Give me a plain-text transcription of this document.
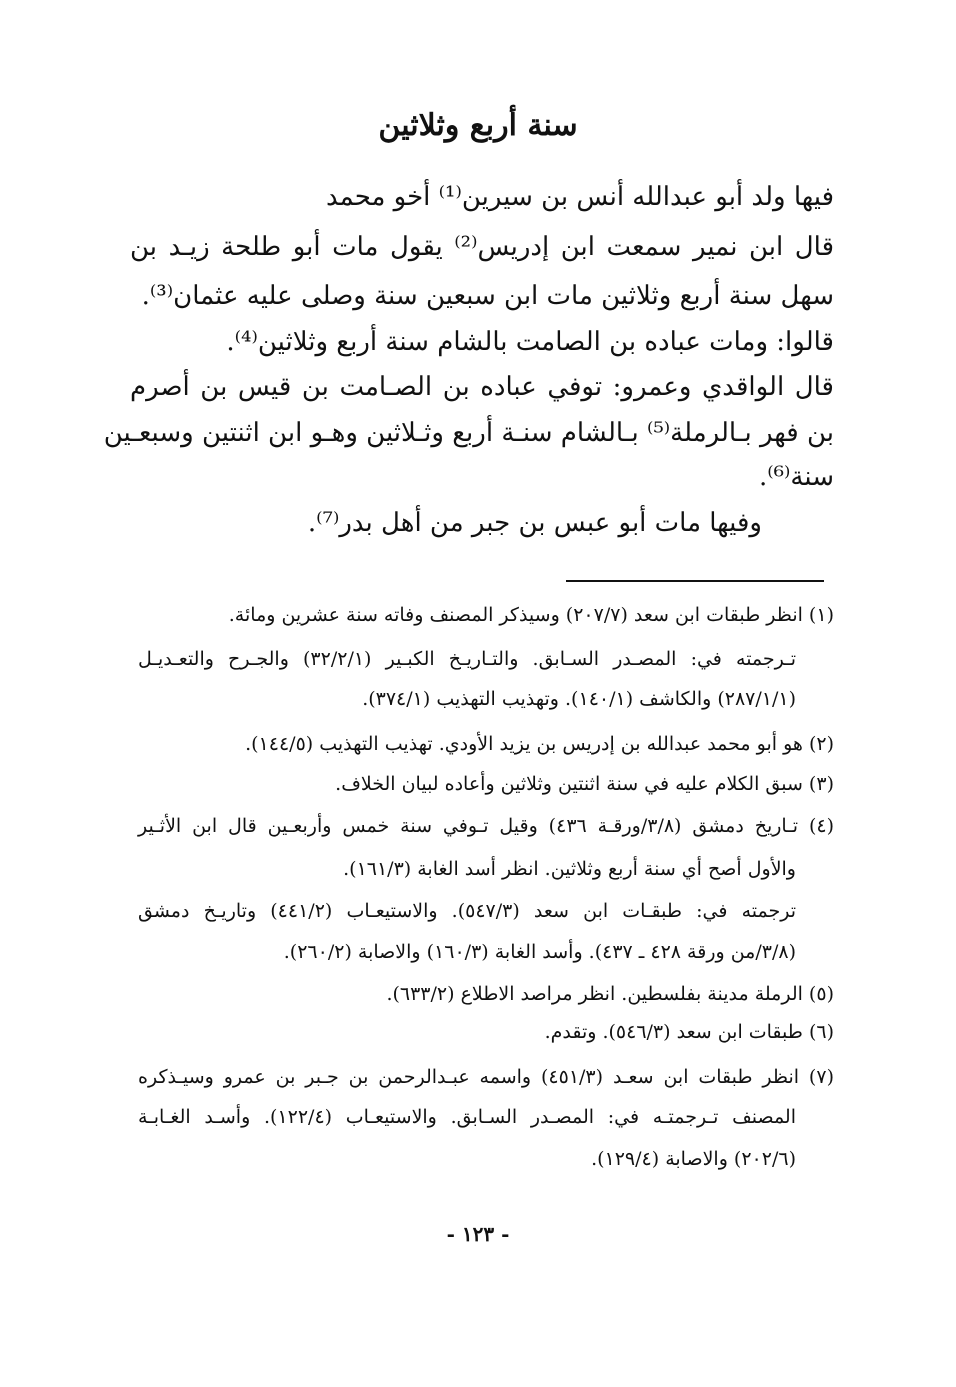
سنة أربع وثلاثين
فيها ولد أبو عبدالله أنس بن سيرين⁽¹⁾ أخو محمد
قال ابن نمير سمعت ابن إدريس⁽²⁾ يقول مات أبو طلحة زيـد بن
سهل سنة أربع وثلاثين مات ابن سبعين سنة وصلى عليه عثمان⁽³⁾.
قالوا: ومات عباده بن الصامت بالشام سنة أربع وثلاثين⁽⁴⁾.
قال الواقدي وعمرو: توفي عباده بن الصـامت بن قيس بن أصرم
بن فهر بـالرملة⁽⁵⁾ بـالشام سنـة أربع وثـلاثين وهـو ابن اثنتين وسبعـين
سنة⁽⁶⁾.
وفيها مات أبو عبس بن جبر من أهل بدر⁽⁷⁾.
(١) انظر طبقات ابن سعد (٢٠٧/٧) وسيذكر المصنف وفاته سنة عشرين ومائة.
تـرجمته في: المصـدر السـابق. والتـاريـخ الكبـير (٣٢/٢/١) والجـرح والتعـديـل
(٢٨٧/١/١) والكاشف (١٤٠/١). وتهذيب التهذيب (٣٧٤/١).
(٢) هو أبو محمد عبدالله بن إدريس بن يزيد الأودي. تهذيب التهذيب (١٤٤/٥).
(٣) سبق الكلام عليه في سنة اثنتين وثلاثين وأعاده لبيان الخلاف.
(٤) تـاريخ دمشق (٣/٨/ورقـة ٤٣٦) وقيل تـوفي سنة خمس وأربعـين قال ابن الأثـير
والأول أصح أي سنة أربع وثلاثين. انظر أسد الغابة (١٦١/٣).
ترجمته في: طبقـات ابن سعد (٥٤٧/٣). والاستيعـاب (٤٤١/٢) وتاريـخ دمشق
(٣/٨/من ورقة ٤٢٨ ـ ٤٣٧). وأسد الغابة (١٦٠/٣) والاصابة (٢٦٠/٢).
(٥) الرملة مدينة بفلسطين. انظر مراصد الاطلاع (٦٣٣/٢).
(٦) طبقات ابن سعد (٥٤٦/٣). وتقدم.
(٧) انظر طبقات ابن سعـد (٤٥١/٣) واسمه عبـدالرحمن بن جـبر بن عمرو وسيـذكره
المصنف تـرجمتـه في: المصـدر السـابق. والاستيعـاب (١٢٢/٤). وأسـد الغـابـة
(٢٠٢/٦) والاصابة (١٢٩/٤).
- ١٢٣ -
